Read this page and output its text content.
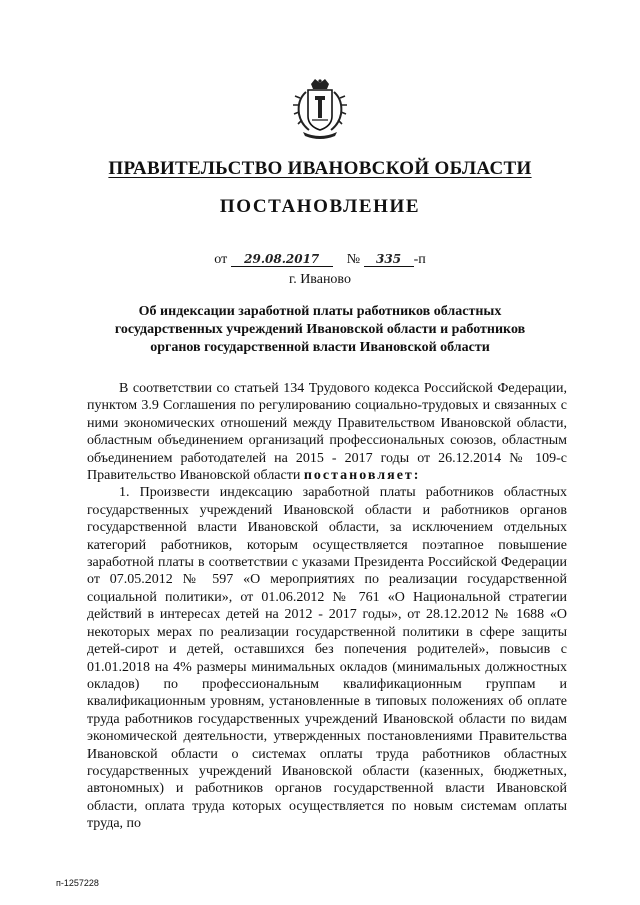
ПРАВИТЕЛЬСТВО ИВАНОВСКОЙ ОБЛАСТИ
ПОСТАНОВЛЕНИЕ
от 29.08.2017 № 335 -п
г. Иваново
Об индексации заработной платы работников областных государственных учреждений Ивановской области и работников органов государственной власти Ивановской области

В соответствии со статьей 134 Трудового кодекса Российской Федерации, пунктом 3.9 Соглашения по регулированию социально-трудовых и связанных с ними экономических отношений между Правительством Ивановской области, областным объединением организаций профессиональных союзов, областным объединением работодателей на 2015 - 2017 годы от 26.12.2014 № 109-с Правительство Ивановской области постановляет:

1. Произвести индексацию заработной платы работников областных государственных учреждений Ивановской области и работников органов государственной власти Ивановской области, за исключением отдельных категорий работников, которым осуществляется поэтапное повышение заработной платы в соответствии с указами Президента Российской Федерации от 07.05.2012 № 597 «О мероприятиях по реализации государственной социальной политики», от 01.06.2012 № 761 «О Национальной стратегии действий в интересах детей на 2012 - 2017 годы», от 28.12.2012 № 1688 «О некоторых мерах по реализации государственной политики в сфере защиты детей-сирот и детей, оставшихся без попечения родителей», повысив с 01.01.2018 на 4% размеры минимальных окладов (минимальных должностных окладов) по профессиональным квалификационным группам и квалификационным уровням, установленные в типовых положениях об оплате труда работников государственных учреждений Ивановской области по видам экономической деятельности, утвержденных постановлениями Правительства Ивановской области о системах оплаты труда работников областных государственных учреждений Ивановской области (казенных, бюджетных, автономных) и работников органов государственной власти Ивановской области, оплата труда которых осуществляется по новым системам оплаты труда, по

п-1257228
